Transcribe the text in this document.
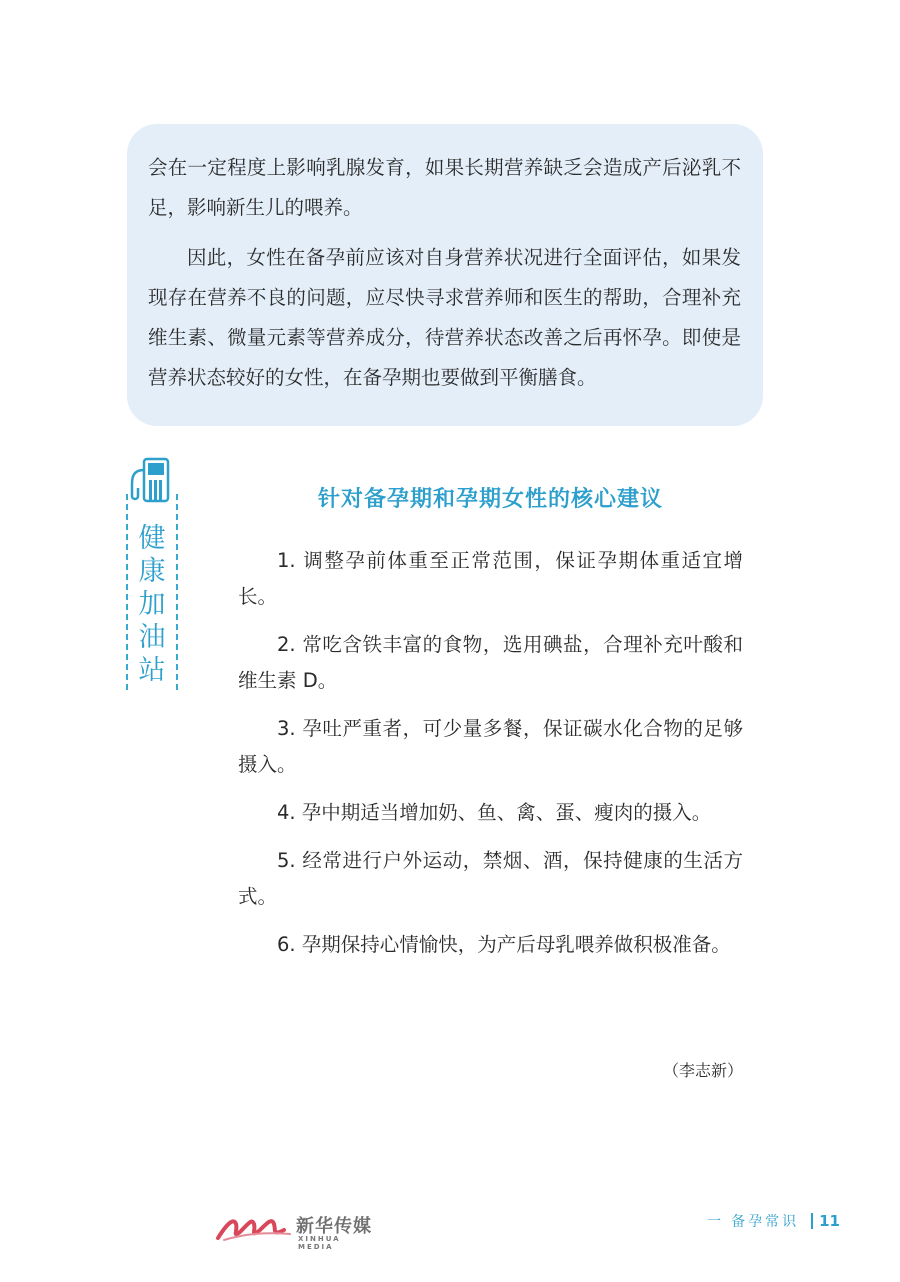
会在一定程度上影响乳腺发育，如果长期营养缺乏会造成产后泌乳不足，影响新生儿的喂养。

因此，女性在备孕前应该对自身营养状况进行全面评估，如果发现存在营养不良的问题，应尽快寻求营养师和医生的帮助，合理补充维生素、微量元素等营养成分，待营养状态改善之后再怀孕。即使是营养状态较好的女性，在备孕期也要做到平衡膳食。

健
康
加
油
站
针对备孕期和孕期女性的核心建议

1. 调整孕前体重至正常范围，保证孕期体重适宜增长。

2. 常吃含铁丰富的食物，选用碘盐，合理补充叶酸和维生素 D。

3. 孕吐严重者，可少量多餐，保证碳水化合物的足够摄入。

4. 孕中期适当增加奶、鱼、禽、蛋、瘦肉的摄入。

5. 经常进行户外运动，禁烟、酒，保持健康的生活方式。

6. 孕期保持心情愉快，为产后母乳喂养做积极准备。

（李志新）
新华传媒
XINHUA MEDIA
一 备孕常识 11
